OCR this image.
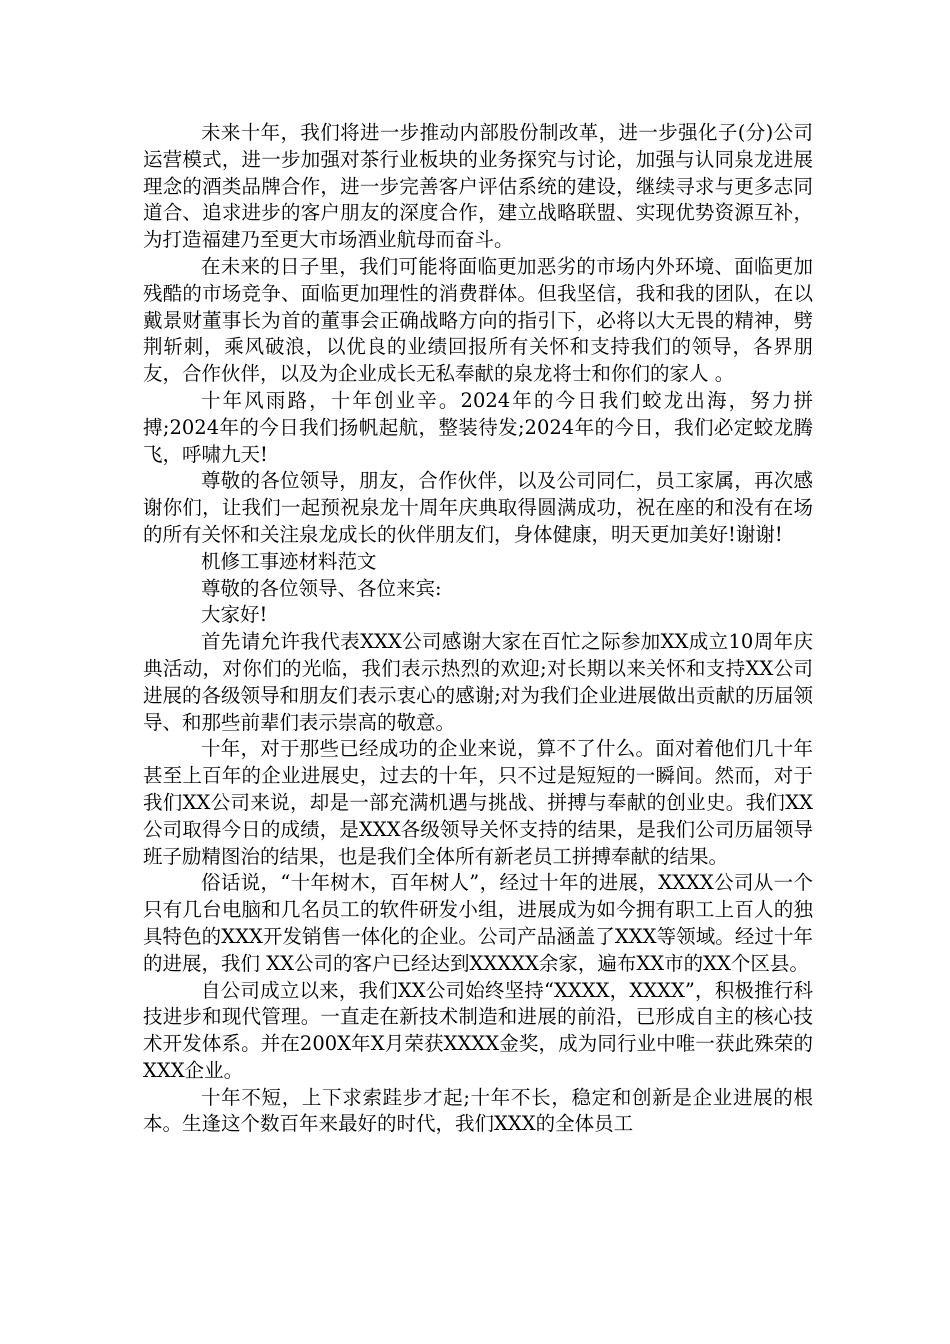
未来十年，我们将进一步推动内部股份制改革，进一步强化子(分)公司运营模式，进一步加强对茶行业板块的业务探究与讨论，加强与认同泉龙进展理念的酒类品牌合作，进一步完善客户评估系统的建设，继续寻求与更多志同道合、追求进步的客户朋友的深度合作，建立战略联盟、实现优势资源互补，为打造福建乃至更大市场酒业航母而奋斗。

在未来的日子里，我们可能将面临更加恶劣的市场内外环境、面临更加残酷的市场竞争、面临更加理性的消费群体。但我坚信，我和我的团队，在以戴景财董事长为首的董事会正确战略方向的指引下，必将以大无畏的精神，劈荆斩刺，乘风破浪，以优良的业绩回报所有关怀和支持我们的领导，各界朋友，合作伙伴，以及为企业成长无私奉献的泉龙将士和你们的家人 。

十年风雨路，十年创业辛。2024年的今日我们蛟龙出海，努力拼搏;2024年的今日我们扬帆起航，整装待发;2024年的今日，我们必定蛟龙腾飞，呼啸九天!

尊敬的各位领导，朋友，合作伙伴，以及公司同仁，员工家属，再次感谢你们，让我们一起预祝泉龙十周年庆典取得圆满成功，祝在座的和没有在场的所有关怀和关注泉龙成长的伙伴朋友们，身体健康，明天更加美好!谢谢!

机修工事迹材料范文

尊敬的各位领导、各位来宾:

大家好!

首先请允许我代表XXX公司感谢大家在百忙之际参加XX成立10周年庆典活动，对你们的光临，我们表示热烈的欢迎;对长期以来关怀和支持XX公司进展的各级领导和朋友们表示衷心的感谢;对为我们企业进展做出贡献的历届领导、和那些前辈们表示崇高的敬意。

十年，对于那些已经成功的企业来说，算不了什么。面对着他们几十年甚至上百年的企业进展史，过去的十年，只不过是短短的一瞬间。然而，对于我们XX公司来说，却是一部充满机遇与挑战、拼搏与奉献的创业史。我们XX公司取得今日的成绩，是XXX各级领导关怀支持的结果，是我们公司历届领导班子励精图治的结果，也是我们全体所有新老员工拼搏奉献的结果。

俗话说，“十年树木，百年树人”，经过十年的进展，XXXX公司从一个只有几台电脑和几名员工的软件研发小组，进展成为如今拥有职工上百人的独具特色的XXX开发销售一体化的企业。公司产品涵盖了XXX等领域。经过十年的进展，我们 XX公司的客户已经达到XXXXX余家，遍布XX市的XX个区县。

自公司成立以来，我们XX公司始终坚持“XXXX，XXXX”，积极推行科技进步和现代管理。一直走在新技术制造和进展的前沿，已形成自主的核心技术开发体系。并在200X年X月荣获XXXX金奖，成为同行业中唯一获此殊荣的XXX企业。

十年不短，上下求索跬步才起;十年不长，稳定和创新是企业进展的根本。生逢这个数百年来最好的时代，我们XXX的全体员工
